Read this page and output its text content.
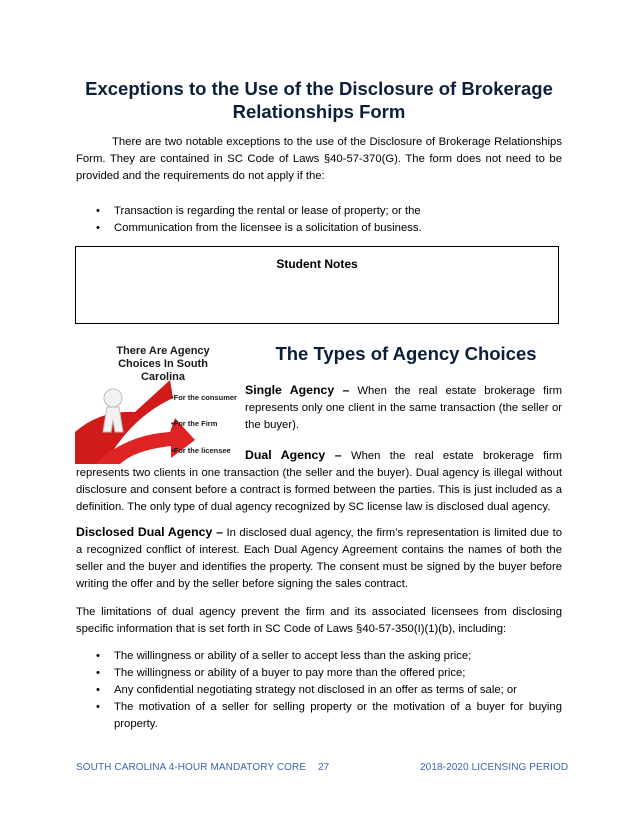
Exceptions to the Use of the Disclosure of Brokerage Relationships Form
There are two notable exceptions to the use of the Disclosure of Brokerage Relationships Form. They are contained in SC Code of Laws §40-57-370(G). The form does not need to be provided and the requirements do not apply if the:
• Transaction is regarding the rental or lease of property; or the
• Communication from the licensee is a solicitation of business.
Student Notes
There Are Agency
Choices In South
Carolina
•For the consumer
•For the Firm
•For the licensee
The Types of Agency Choices
Single Agency – When the real estate brokerage firm represents only one client in the same transaction (the seller or the buyer).
Dual Agency – When the real estate brokerage firm represents two clients in one transaction (the seller and the buyer). Dual agency is illegal without disclosure and consent before a contract is formed between the parties. This is just included as a definition. The only type of dual agency recognized by SC license law is disclosed dual agency.
Disclosed Dual Agency – In disclosed dual agency, the firm’s representation is limited due to a recognized conflict of interest. Each Dual Agency Agreement contains the names of both the seller and the buyer and identifies the property. The consent must be signed by the buyer before writing the offer and by the seller before signing the sales contract.
The limitations of dual agency prevent the firm and its associated licensees from disclosing specific information that is set forth in SC Code of Laws §40-57-350(I)(1)(b), including:
• The willingness or ability of a seller to accept less than the asking price;
• The willingness or ability of a buyer to pay more than the offered price;
• Any confidential negotiating strategy not disclosed in an offer as terms of sale; or
• The motivation of a seller for selling property or the motivation of a buyer for buying property.
SOUTH CAROLINA 4-HOUR MANDATORY CORE 27	2018-2020 LICENSING PERIOD
